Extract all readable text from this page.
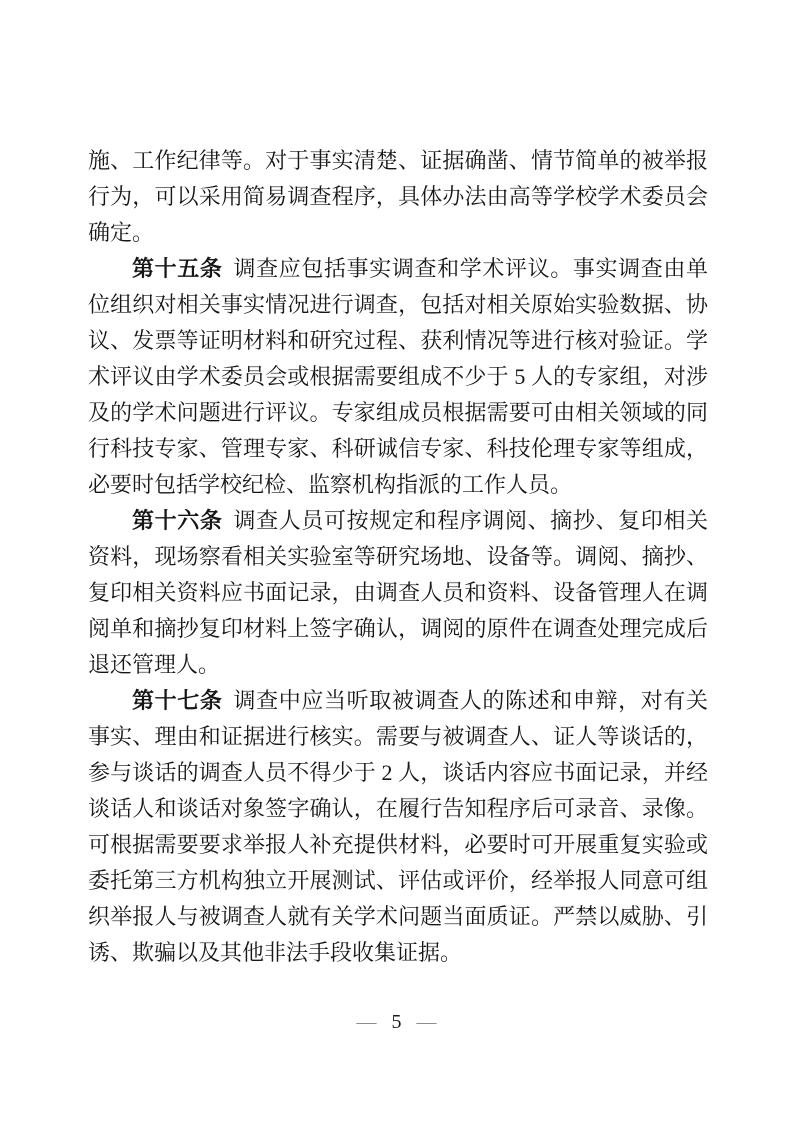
施、工作纪律等。对于事实清楚、证据确凿、情节简单的被举报行为，可以采用简易调查程序，具体办法由高等学校学术委员会确定。

第十五条 调查应包括事实调查和学术评议。事实调查由单位组织对相关事实情况进行调查，包括对相关原始实验数据、协议、发票等证明材料和研究过程、获利情况等进行核对验证。学术评议由学术委员会或根据需要组成不少于 5 人的专家组，对涉及的学术问题进行评议。专家组成员根据需要可由相关领域的同行科技专家、管理专家、科研诚信专家、科技伦理专家等组成，必要时包括学校纪检、监察机构指派的工作人员。

第十六条 调查人员可按规定和程序调阅、摘抄、复印相关资料，现场察看相关实验室等研究场地、设备等。调阅、摘抄、复印相关资料应书面记录，由调查人员和资料、设备管理人在调阅单和摘抄复印材料上签字确认，调阅的原件在调查处理完成后退还管理人。

第十七条 调查中应当听取被调查人的陈述和申辩，对有关事实、理由和证据进行核实。需要与被调查人、证人等谈话的，参与谈话的调查人员不得少于 2 人，谈话内容应书面记录，并经谈话人和谈话对象签字确认，在履行告知程序后可录音、录像。可根据需要要求举报人补充提供材料，必要时可开展重复实验或委托第三方机构独立开展测试、评估或评价，经举报人同意可组织举报人与被调查人就有关学术问题当面质证。严禁以威胁、引诱、欺骗以及其他非法手段收集证据。

— 5 —
